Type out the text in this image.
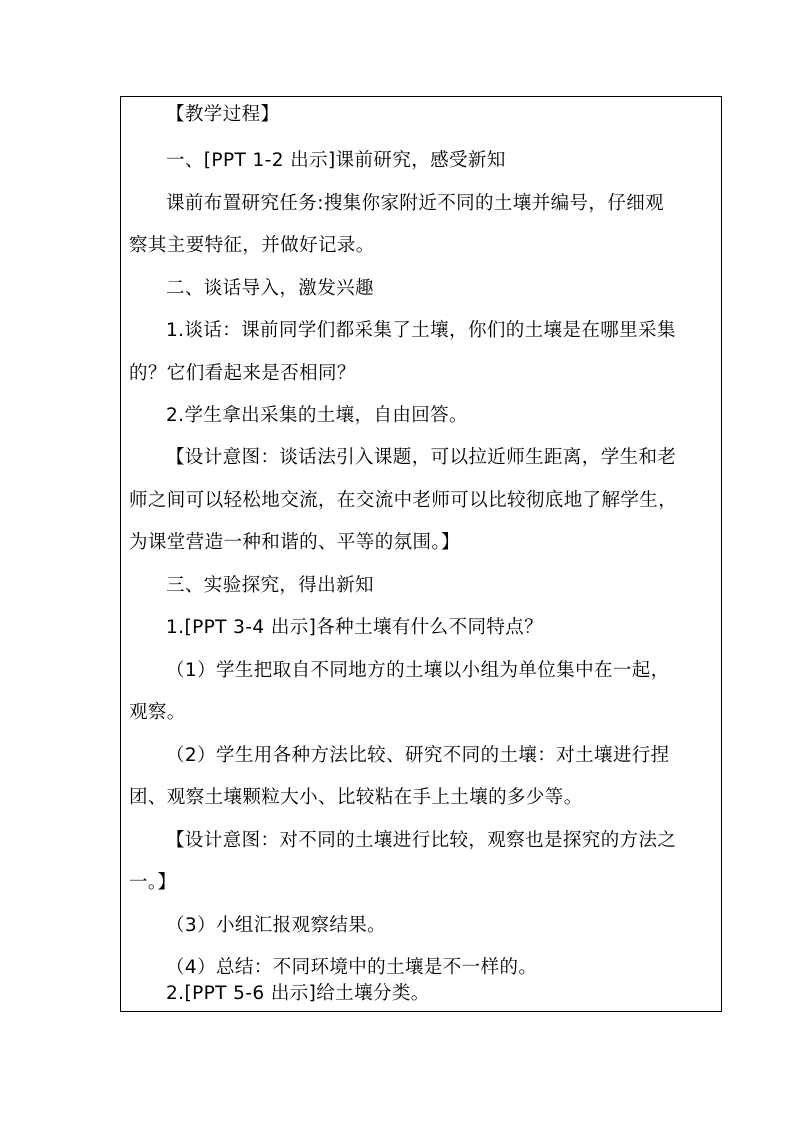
【教学过程】
一、[PPT 1-2 出示]课前研究，感受新知
课前布置研究任务:搜集你家附近不同的土壤并编号，仔细观
察其主要特征，并做好记录。
二、谈话导入，激发兴趣
1.谈话：课前同学们都采集了土壤，你们的土壤是在哪里采集
的？它们看起来是否相同？
2.学生拿出采集的土壤，自由回答。
【设计意图：谈话法引入课题，可以拉近师生距离，学生和老
师之间可以轻松地交流，在交流中老师可以比较彻底地了解学生，
为课堂营造一种和谐的、平等的氛围。】
三、实验探究，得出新知
1.[PPT 3-4 出示]各种土壤有什么不同特点？
（1）学生把取自不同地方的土壤以小组为单位集中在一起，
观察。
（2）学生用各种方法比较、研究不同的土壤：对土壤进行捏
团、观察土壤颗粒大小、比较粘在手上土壤的多少等。
【设计意图：对不同的土壤进行比较，观察也是探究的方法之
一。】
（3）小组汇报观察结果。
（4）总结：不同环境中的土壤是不一样的。
2.[PPT 5-6 出示]给土壤分类。
